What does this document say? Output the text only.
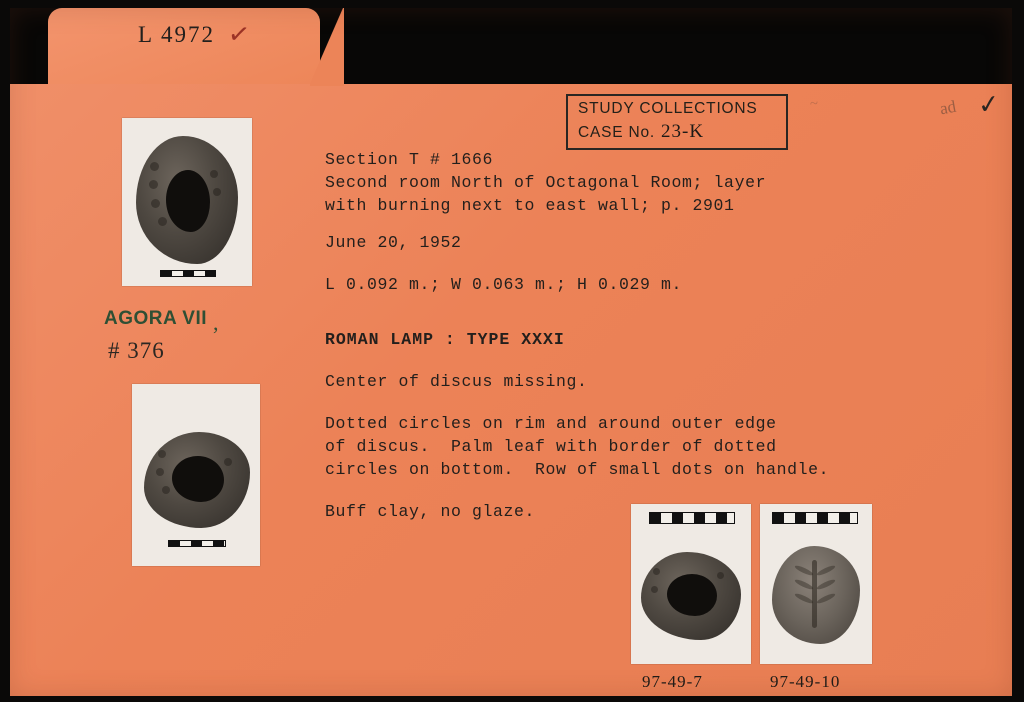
L 4972 ✓
~	ad ✓
STUDY COLLECTIONS
CASE No. 23-K
Section T # 1666
Second room North of Octagonal Room; layer
with burning next to east wall; p. 2901
June 20, 1952
L 0.092 m.; W 0.063 m.; H 0.029 m.
ROMAN LAMP : TYPE XXXI
Center of discus missing.
Dotted circles on rim and around outer edge
of discus.  Palm leaf with border of dotted
circles on bottom.  Row of small dots on handle.
Buff clay, no glaze.
AGORA VII ,
# 376
97-49-7	97-49-10
